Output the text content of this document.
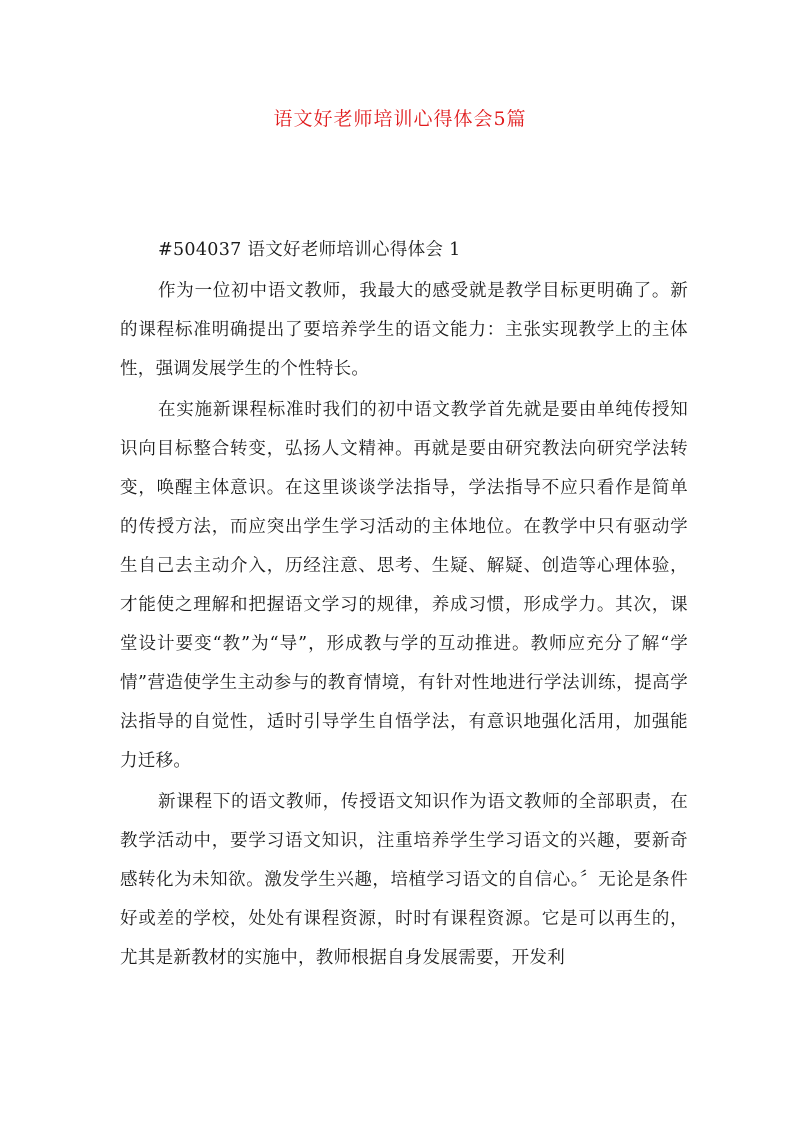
语文好老师培训心得体会5篇

#504037 语文好老师培训心得体会 1

作为一位初中语文教师，我最大的感受就是教学目标更明确了。新的课程标准明确提出了要培养学生的语文能力：主张实现教学上的主体性，强调发展学生的个性特长。

在实施新课程标准时我们的初中语文教学首先就是要由单纯传授知识向目标整合转变，弘扬人文精神。再就是要由研究教法向研究学法转变，唤醒主体意识。在这里谈谈学法指导，学法指导不应只看作是简单的传授方法，而应突出学生学习活动的主体地位。在教学中只有驱动学生自己去主动介入，历经注意、思考、生疑、解疑、创造等心理体验，才能使之理解和把握语文学习的规律，养成习惯，形成学力。其次，课堂设计要变“教”为“导”，形成教与学的互动推进。教师应充分了解“学情”营造使学生主动参与的教育情境，有针对性地进行学法训练，提高学法指导的自觉性，适时引导学生自悟学法，有意识地强化活用，加强能力迁移。

新课程下的语文教师，传授语文知识作为语文教师的全部职责，在教学活动中，要学习语文知识，注重培养学生学习语文的兴趣，要新奇感转化为未知欲。激发学生兴趣，培植学习语文的自信心。〞无论是条件好或差的学校，处处有课程资源，时时有课程资源。它是可以再生的，尤其是新教材的实施中，教师根据自身发展需要，开发利
